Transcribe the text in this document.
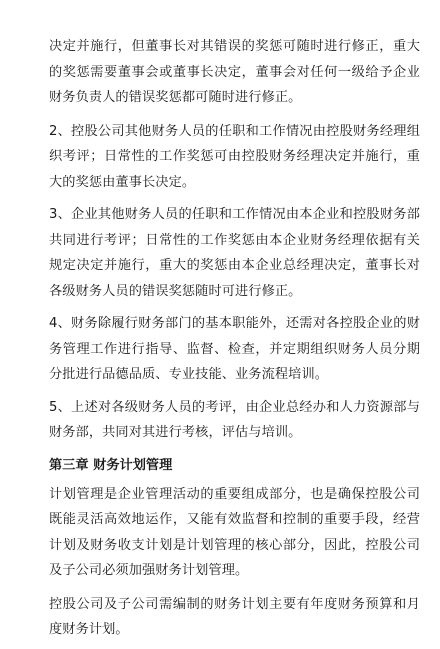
决定并施行，但董事长对其错误的奖惩可随时进行修正，重大的奖惩需要董事会或董事长决定，董事会对任何一级给予企业财务负责人的错误奖惩都可随时进行修正。

2、控股公司其他财务人员的任职和工作情况由控股财务经理组织考评；日常性的工作奖惩可由控股财务经理决定并施行，重大的奖惩由董事长决定。

3、企业其他财务人员的任职和工作情况由本企业和控股财务部共同进行考评；日常性的工作奖惩由本企业财务经理依据有关规定决定并施行，重大的奖惩由本企业总经理决定，董事长对各级财务人员的错误奖惩随时可进行修正。

4、财务除履行财务部门的基本职能外，还需对各控股企业的财务管理工作进行指导、监督、检查，并定期组织财务人员分期分批进行品德品质、专业技能、业务流程培训。

5、上述对各级财务人员的考评，由企业总经办和人力资源部与财务部，共同对其进行考核，评估与培训。

第三章 财务计划管理

计划管理是企业管理活动的重要组成部分，也是确保控股公司既能灵活高效地运作，又能有效监督和控制的重要手段，经营计划及财务收支计划是计划管理的核心部分，因此，控股公司及子公司必须加强财务计划管理。

控股公司及子公司需编制的财务计划主要有年度财务预算和月度财务计划。
